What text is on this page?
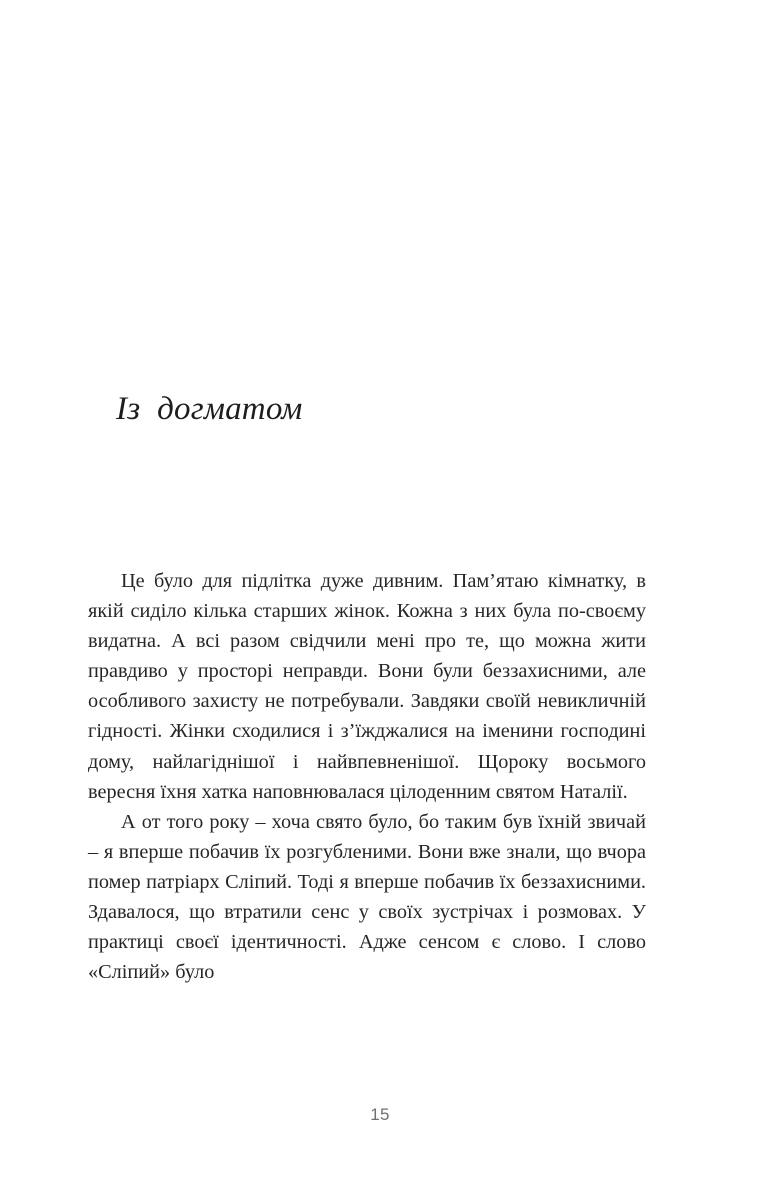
Із  догматом

Це було для підлітка дуже дивним. Пам’ятаю кімнатку, в якій сиділо кілька старших жінок. Кожна з них була по-своєму видатна. А всі разом свідчили мені про те, що можна жити правдиво у просторі неправди. Вони були беззахисними, але особливого захисту не потребували. Завдяки своїй невикличній гідності. Жінки сходилися і з’їжджалися на іменини господині дому, найлагіднішої і найвпевненішої. Щороку восьмого вересня їхня хатка наповнювалася цілоденним святом Наталії.

А от того року – хоча свято було, бо таким був їхній звичай – я вперше побачив їх розгубленими. Вони вже знали, що вчора помер патріарх Сліпий. Тоді я вперше побачив їх беззахисними. Здавалося, що втратили сенс у своїх зустрічах і розмовах. У практиці своєї ідентичності. Адже сенсом є слово. І слово «Сліпий» було

15
